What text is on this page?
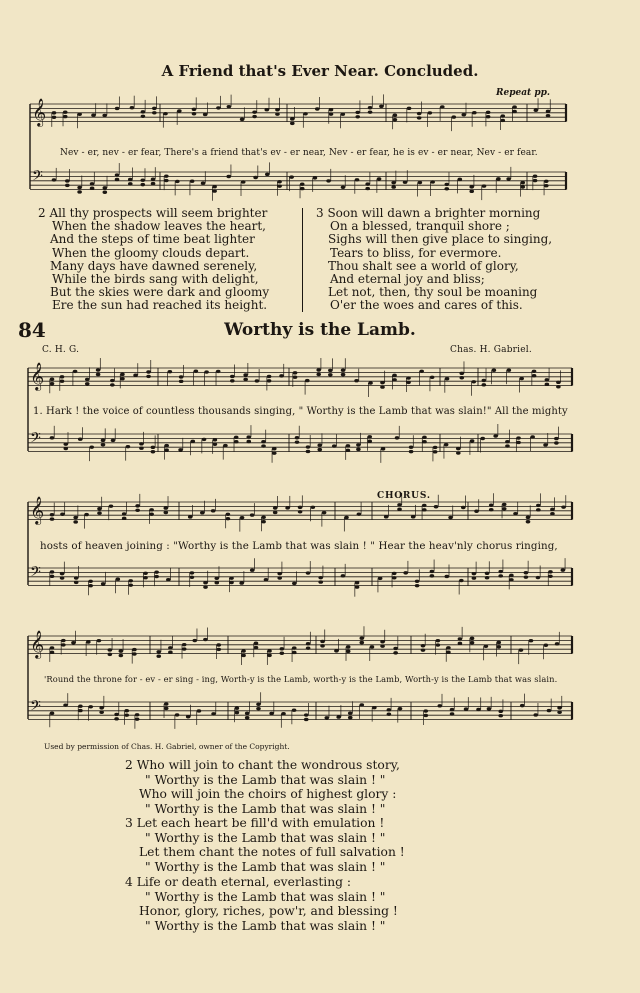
A Friend that's Ever Near. Concluded.
Repeat pp.
𝄞
𝄢
Nev - er, nev - er fear, There's a friend that's ev - er near, Nev - er fear, he is ev - er near, Nev - er fear.
2 All thy prospects will seem brighter
When the shadow leaves the heart,
And the steps of time beat lighter
When the gloomy clouds depart.
Many days have dawned serenely,
While the birds sang with delight,
But the skies were dark and gloomy
Ere the sun had reached its height.
3 Soon will dawn a brighter morning
On a blessed, tranquil shore ;
Sighs will then give place to singing,
Tears to bliss, for evermore.
Thou shalt see a world of glory,
And eternal joy and bliss;
Let not, then, thy soul be moaning
O'er the woes and cares of this.
84	Worthy is the Lamb.
C. H. G.	Chas. H. Gabriel.
𝄞
𝄢
1. Hark ! the voice of countless thousands singing, " Worthy is the Lamb that was slain!" All the mighty
CHORUS.
𝄞
𝄢
hosts of heaven joining : "Worthy is the Lamb that was slain ! " Hear the heav'nly chorus ringing,
𝄞
𝄢
'Round the throne for - ev - er sing - ing, Worth-y is the Lamb, worth-y is the Lamb, Worth-y is the Lamb that was slain.
Used by permission of Chas. H. Gabriel, owner of the Copyright.
2 Who will join to chant the wondrous story,
" Worthy is the Lamb that was slain ! "
Who will join the choirs of highest glory :
" Worthy is the Lamb that was slain ! "
3 Let each heart be fill'd with emulation !
" Worthy is the Lamb that was slain ! "
Let them chant the notes of full salvation !
" Worthy is the Lamb that was slain ! "
4 Life or death eternal, everlasting :
" Worthy is the Lamb that was slain ! "
Honor, glory, riches, pow'r, and blessing !
" Worthy is the Lamb that was slain ! "
